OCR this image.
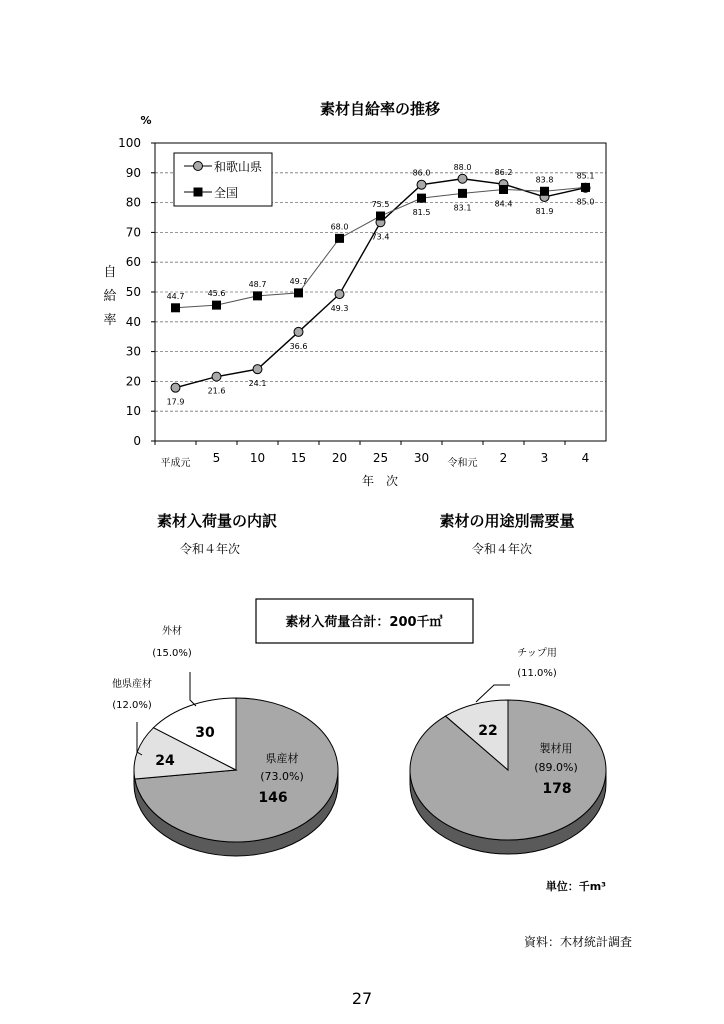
素材自給率の推移
%
自
給
率
0
10
20
30
40
50
60
70
80
90
100
平成元 5 10 15 20 25 30 令和元 2	3	4
年　次
17.9
21.6
24.1
36.6
49.3
73.4
86.0
88.0
86.2
81.9
85.0
44.7	45.6
48.7	49.7
68.0
75.5
81.5
83.1	84.4
83.8	85.1
和歌山県
全国
素材入荷量の内訳
令和４年次
素材入荷量合計：200千㎥
外材
(15.0%)
他県産材
(12.0%)
県産材
(73.0%)
146
24
30
素材の用途別需要量
令和４年次
チップ用
(11.0%)
製材用
(89.0%)
178
22
単位：千m³
資料：木材統計調査
27
